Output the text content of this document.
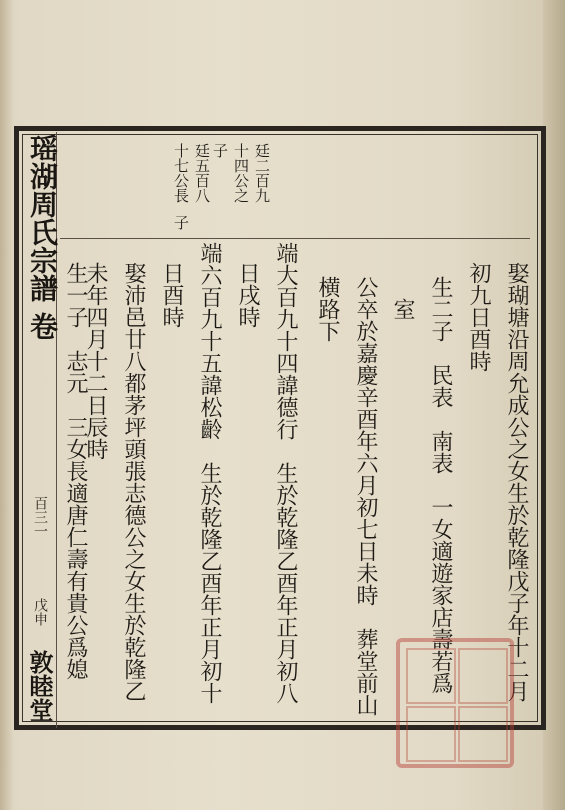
瑶湖周氏宗譜
卷
百三一
戊申
敦睦堂
廷二百九
十四公之
子
廷五百八
十七公長
子
娶瑚塘沿周允成公之女生於乾隆戊子年十二月
初九日酉時
生二子　民表　南表　一女適遊家店壽若爲
室
公卒於嘉慶辛酉年六月初七日未時　葬堂前山
横路下
端大百九十四諱德行　生於乾隆乙酉年正月初八
日戌時
端六百九十五諱松齡　生於乾隆乙酉年正月初十
日酉時
娶沛邑廿八都茅坪頭張志德公之女生於乾隆乙
未年四月十二日辰時
生一子　志元　三女長適唐仁壽有貴公爲媳
